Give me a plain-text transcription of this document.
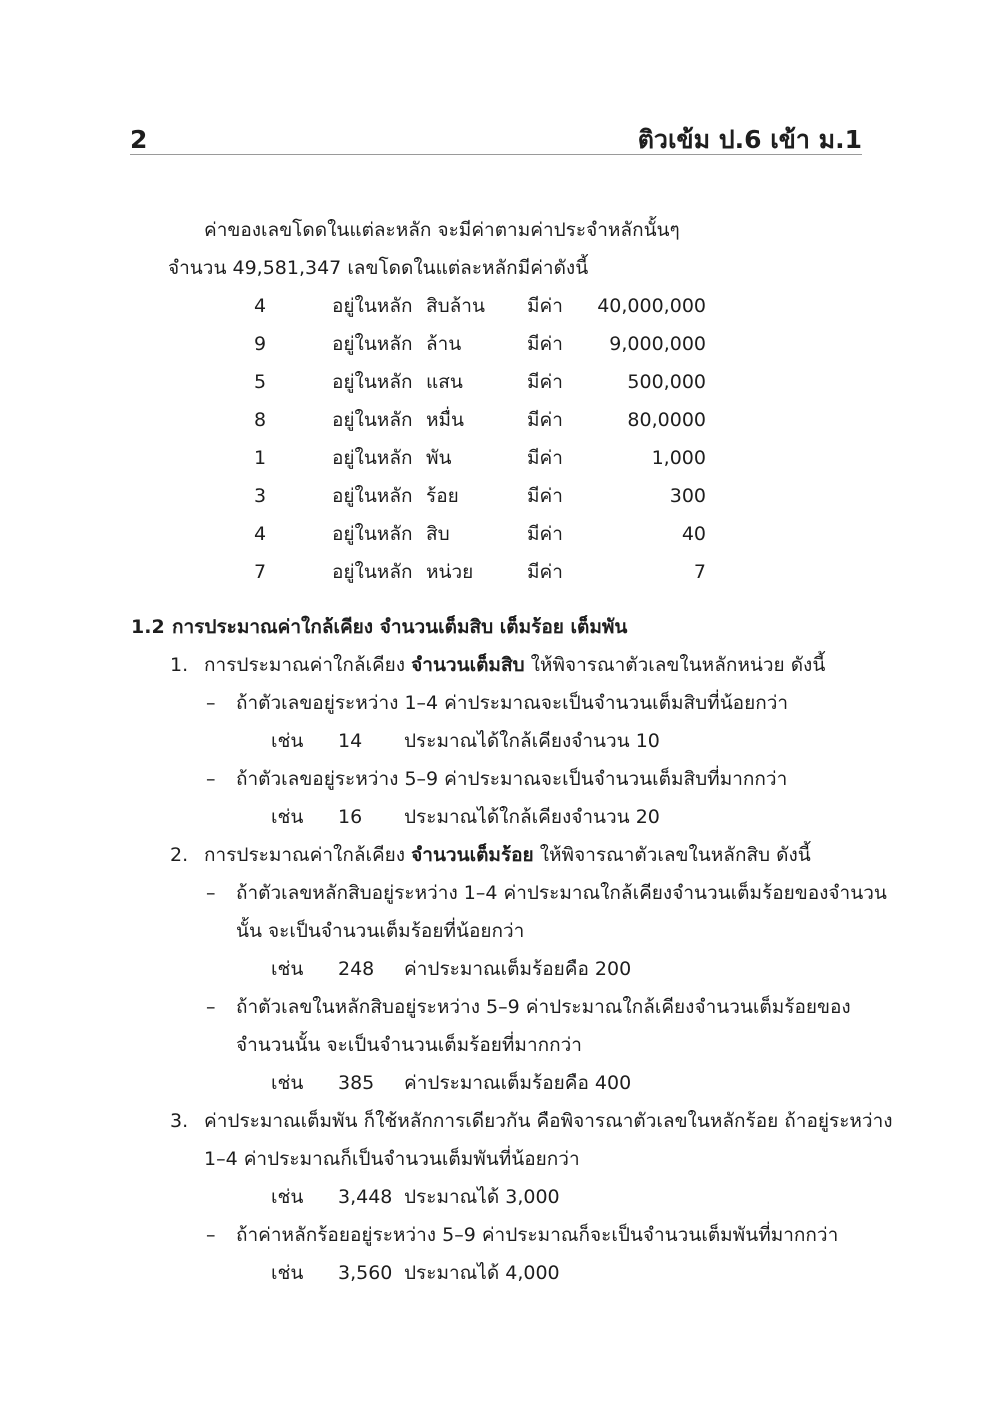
2	ติวเข้ม ป.6 เข้า ม.1
ค่าของเลขโดดในแต่ละหลัก จะมีค่าตามค่าประจำหลักนั้นๆ
จำนวน 49,581,347 เลขโดดในแต่ละหลักมีค่าดังนี้
4	อยู่ในหลัก สิบล้าน มีค่า	40,000,000
9	อยู่ในหลัก ล้าน	มีค่า	9,000,000
5	อยู่ในหลัก แสน	มีค่า	500,000
8	อยู่ในหลัก หมื่น	มีค่า	80,0000
1	อยู่ในหลัก พัน	มีค่า	1,000
3	อยู่ในหลัก ร้อย	มีค่า	300
4	อยู่ในหลัก สิบ	มีค่า	40
7	อยู่ในหลัก หน่วย	มีค่า	7
1.2 การประมาณค่าใกล้เคียง จำนวนเต็มสิบ เต็มร้อย เต็มพัน
1. การประมาณค่าใกล้เคียง จำนวนเต็มสิบ ให้พิจารณาตัวเลขในหลักหน่วย ดังนี้
– ถ้าตัวเลขอยู่ระหว่าง 1–4 ค่าประมาณจะเป็นจำนวนเต็มสิบที่น้อยกว่า
เช่น 14 ประมาณได้ใกล้เคียงจำนวน 10
– ถ้าตัวเลขอยู่ระหว่าง 5–9 ค่าประมาณจะเป็นจำนวนเต็มสิบที่มากกว่า
เช่น 16 ประมาณได้ใกล้เคียงจำนวน 20
2. การประมาณค่าใกล้เคียง จำนวนเต็มร้อย ให้พิจารณาตัวเลขในหลักสิบ ดังนี้
– ถ้าตัวเลขหลักสิบอยู่ระหว่าง 1–4 ค่าประมาณใกล้เคียงจำนวนเต็มร้อยของจำนวน
นั้น จะเป็นจำนวนเต็มร้อยที่น้อยกว่า
เช่น 248 ค่าประมาณเต็มร้อยคือ 200
– ถ้าตัวเลขในหลักสิบอยู่ระหว่าง 5–9 ค่าประมาณใกล้เคียงจำนวนเต็มร้อยของ
จำนวนนั้น จะเป็นจำนวนเต็มร้อยที่มากกว่า
เช่น 385 ค่าประมาณเต็มร้อยคือ 400
3. ค่าประมาณเต็มพัน ก็ใช้หลักการเดียวกัน คือพิจารณาตัวเลขในหลักร้อย ถ้าอยู่ระหว่าง
1–4 ค่าประมาณก็เป็นจำนวนเต็มพันที่น้อยกว่า
เช่น 3,448 ประมาณได้ 3,000
– ถ้าค่าหลักร้อยอยู่ระหว่าง 5–9 ค่าประมาณก็จะเป็นจำนวนเต็มพันที่มากกว่า
เช่น 3,560 ประมาณได้ 4,000
